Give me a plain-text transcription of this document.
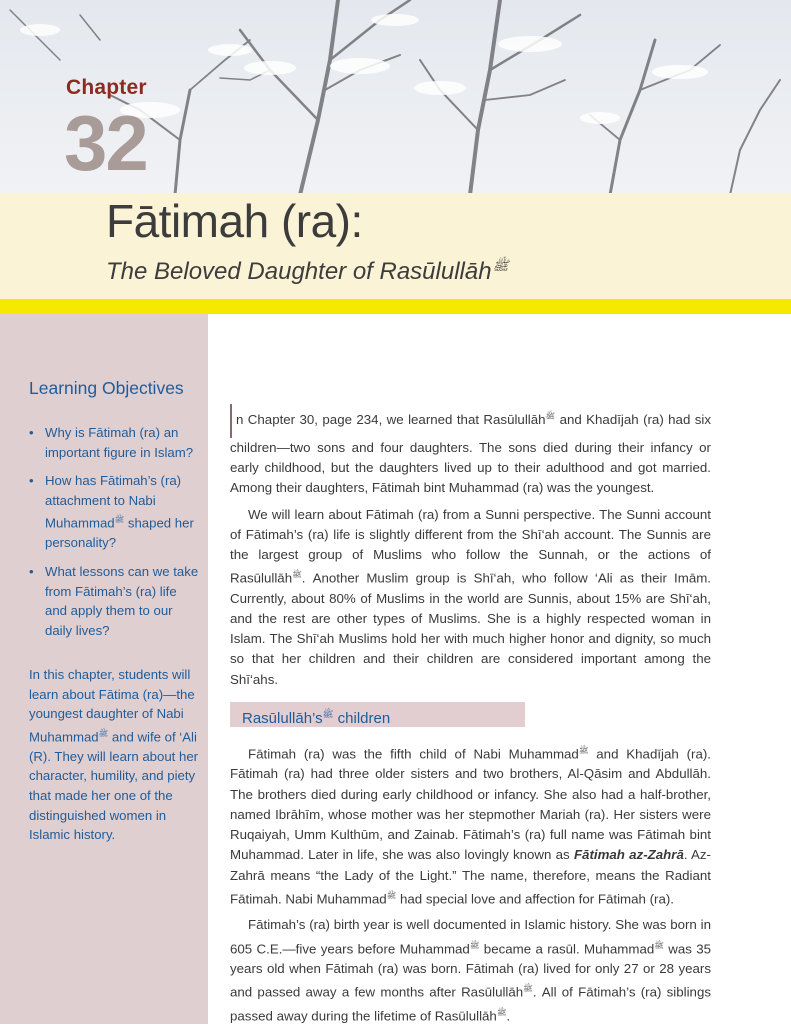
Chapter
32
Fātimah (ra):
The Beloved Daughter of Rasūlullāh$^ﷺ$
Learning Objectives
• Why is Fātimah (ra) an important figure in Islam?
• How has Fātimah’s (ra) attachment to Nabi Muhammad$^ﷺ$ shaped her personality?
• What lessons can we take from Fātimah’s (ra) life and apply them to our daily lives?
In this chapter, students will learn about Fātima (ra)—the youngest daughter of Nabi Muhammad$^ﷺ$ and wife of ‘Ali (R). They will learn about her character, humility, and piety that made her one of the distinguished women in Islamic history.

n Chapter 30, page 234, we learned that Rasūlullāh$^ﷺ$ and Khadījah (ra) had six children—two sons and four daughters. The sons died during their infancy or early childhood, but the daughters lived up to their adulthood and got married. Among their daughters, Fātimah bint Muhammad (ra) was the youngest.

We will learn about Fātimah (ra) from a Sunni perspective. The Sunni account of Fātimah’s (ra) life is slightly different from the Shī‘ah account. The Sunnis are the largest group of Muslims who follow the Sunnah, or the actions of Rasūlullāh$^ﷺ$. Another Muslim group is Shī‘ah, who follow ‘Ali as their Imām. Currently, about 80% of Muslims in the world are Sunnis, about 15% are Shī‘ah, and the rest are other types of Muslims. She is a highly respected woman in Islam. The Shī‘ah Muslims hold her with much higher honor and dignity, so much so that her children and their children are considered important among the Shī‘ahs.

$Rasūlullāh’s^ﷺ$ children

Fātimah (ra) was the fifth child of Nabi Muhammad$^ﷺ$ and Khadījah (ra). Fātimah (ra) had three older sisters and two brothers, Al-Qāsim and Abdullāh. The brothers died during early childhood or infancy. She also had a half-brother, named Ibrāhīm, whose mother was her stepmother Mariah (ra). Her sisters were Ruqaiyah, Umm Kulthūm, and Zainab. Fātimah’s (ra) full name was Fātimah bint Muhammad. Later in life, she was also lovingly known as Fātimah az-Zahrā. Az-Zahrā means “the Lady of the Light.” The name, therefore, means the Radiant Fātimah. Nabi Muhammad$^ﷺ$ had special love and affection for Fātimah (ra).

Fātimah’s (ra) birth year is well documented in Islamic history. She was born in 605 C.E.—five years before Muhammad$^ﷺ$ became a rasūl. Muhammad$^ﷺ$ was 35 years old when Fātimah (ra) was born. Fātimah (ra) lived for only 27 or 28 years and passed away a few months after Rasūlullāh$^ﷺ$. All of Fātimah’s (ra) siblings passed away during the lifetime of Rasūlullāh$^ﷺ$.
